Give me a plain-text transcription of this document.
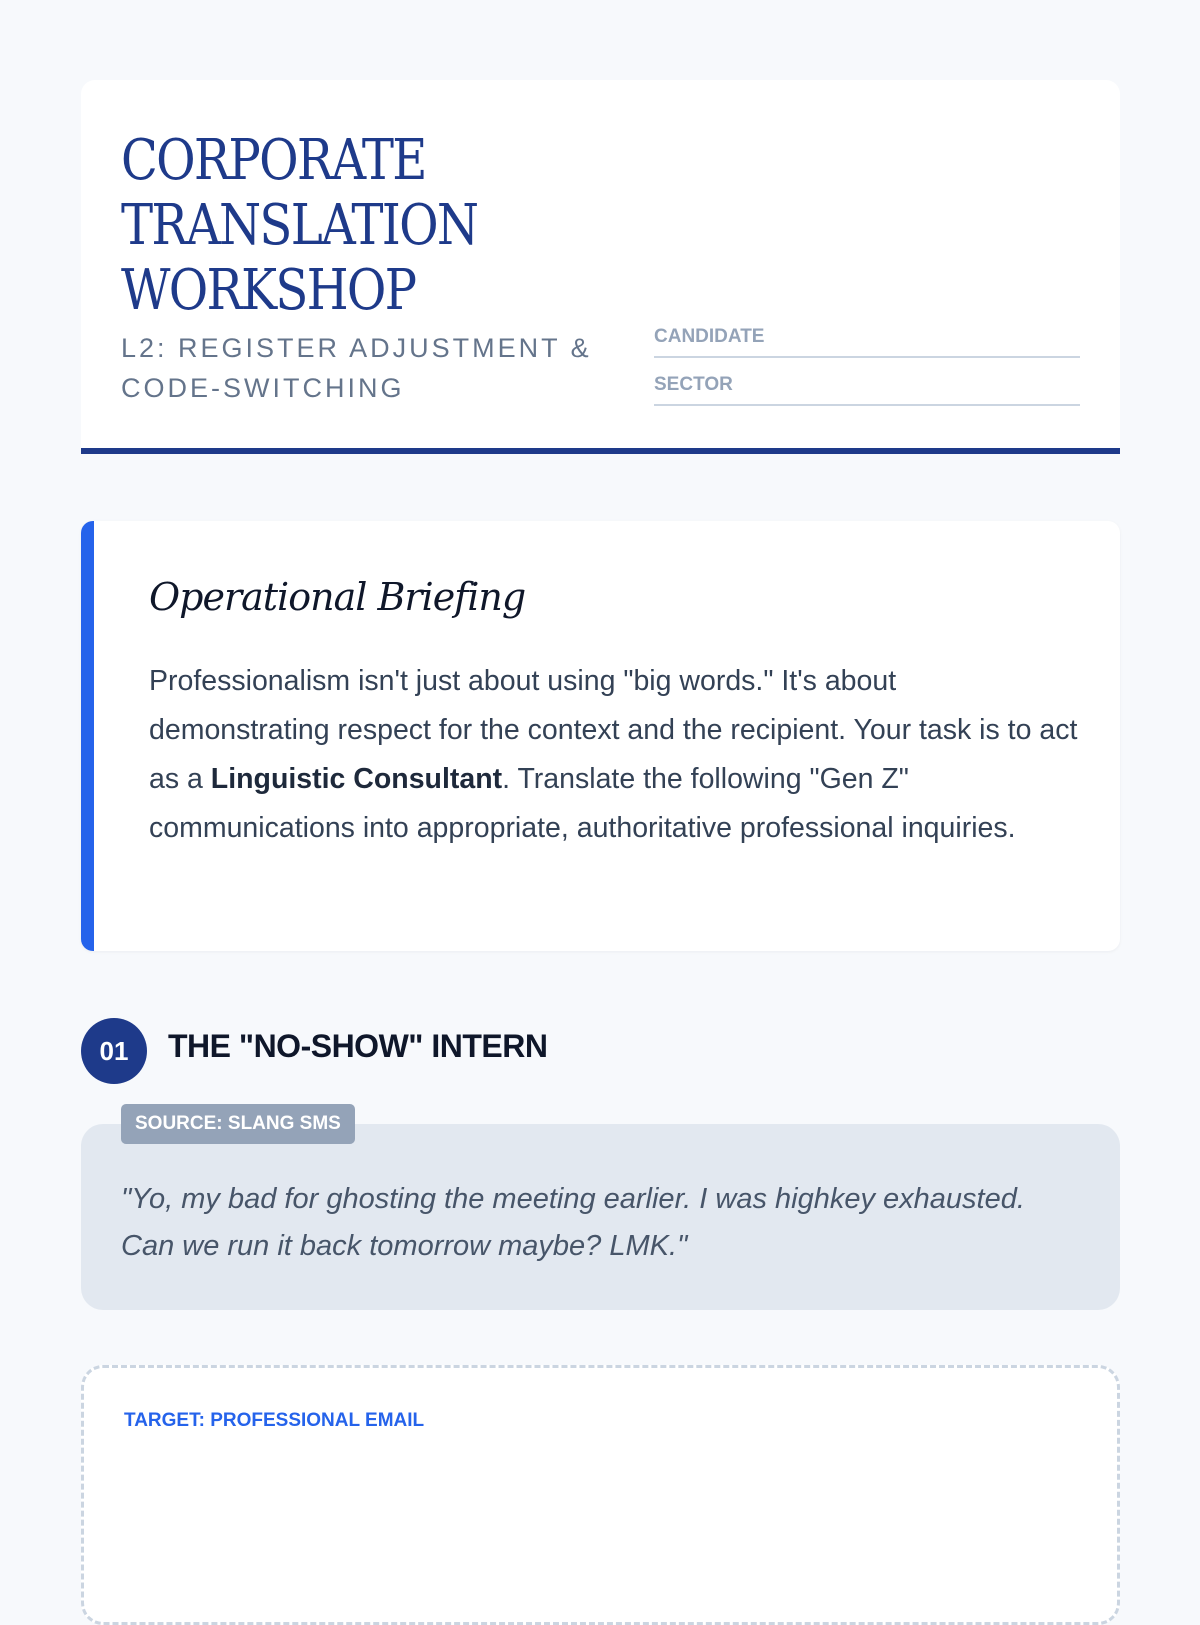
CORPORATE
TRANSLATION
WORKSHOP
L2: REGISTER ADJUSTMENT & CODE-SWITCHING
CANDIDATE
SECTOR
Operational Briefing

Professionalism isn't just about using "big words." It's about demonstrating respect for the context and the recipient. Your task is to act as a Linguistic Consultant. Translate the following "Gen Z" communications into appropriate, authoritative professional inquiries.

01	THE "NO-SHOW" INTERN

"Yo, my bad for ghosting the meeting earlier. I was highkey exhausted. Can we run it back tomorrow maybe? LMK."

SOURCE: SLANG SMS
TARGET: PROFESSIONAL EMAIL
